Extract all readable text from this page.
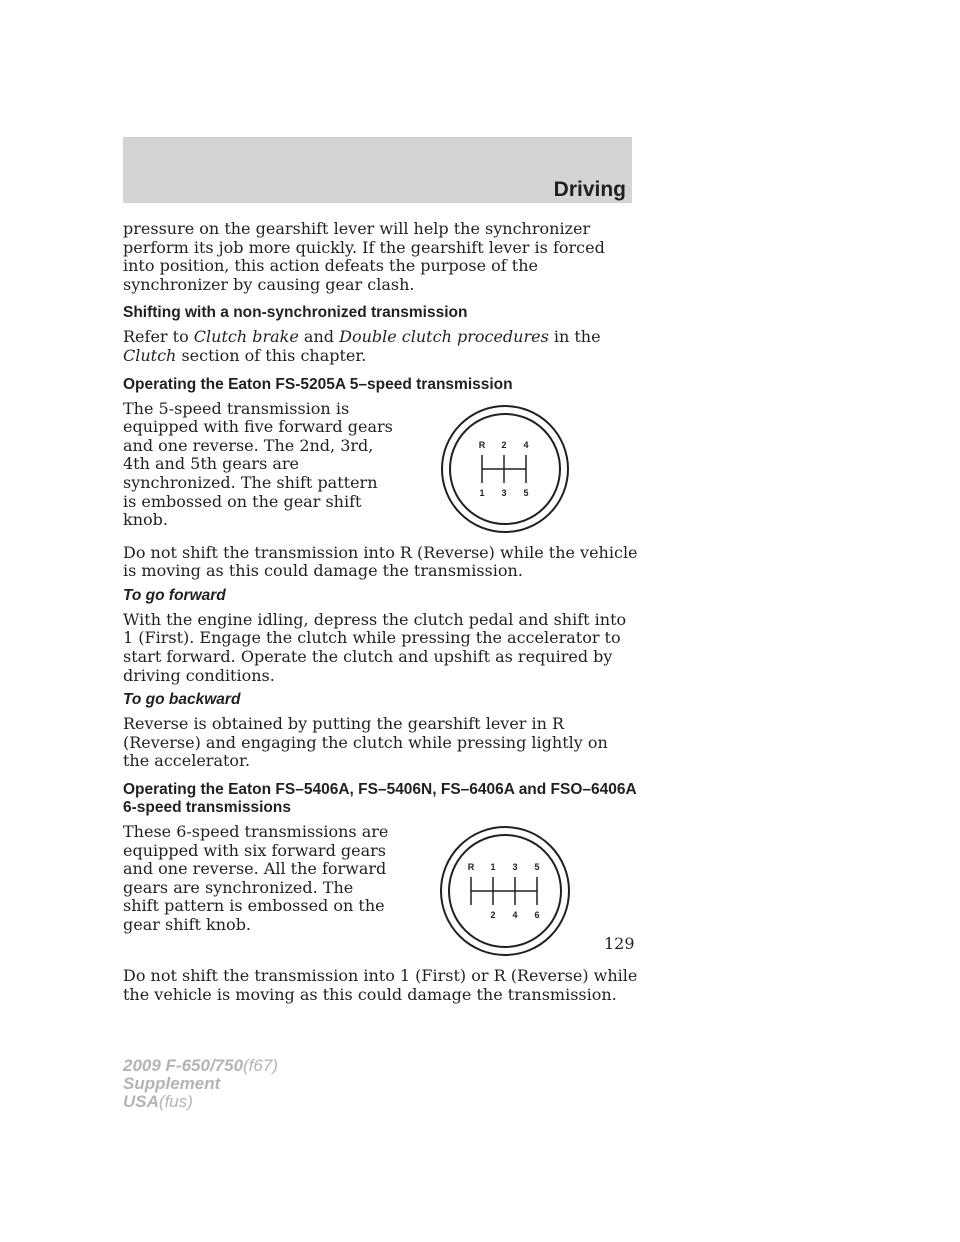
Driving

pressure on the gearshift lever will help the synchronizer perform its job more quickly. If the gearshift lever is forced into position, this action defeats the purpose of the synchronizer by causing gear clash.

Shifting with a non-synchronized transmission

Refer to Clutch brake and Double clutch procedures in the Clutch section of this chapter.

Operating the Eaton FS-5205A 5–speed transmission

The 5-speed transmission is equipped with five forward gears and one reverse. The 2nd, 3rd, 4th and 5th gears are synchronized. The shift pattern is embossed on the gear shift knob.

R 2 4
1 3 5

Do not shift the transmission into R (Reverse) while the vehicle is moving as this could damage the transmission.

To go forward

With the engine idling, depress the clutch pedal and shift into 1 (First). Engage the clutch while pressing the accelerator to start forward. Operate the clutch and upshift as required by driving conditions.

To go backward

Reverse is obtained by putting the gearshift lever in R (Reverse) and engaging the clutch while pressing lightly on the accelerator.

Operating the Eaton FS–5406A, FS–5406N, FS–6406A and FSO–6406A 6-speed transmissions

These 6-speed transmissions are equipped with six forward gears and one reverse. All the forward gears are synchronized. The shift pattern is embossed on the gear shift knob.

R 1 3 5
2 4 6

Do not shift the transmission into 1 (First) or R (Reverse) while the vehicle is moving as this could damage the transmission.

129

2009 F-650/750(f67)
Supplement
USA(fus)
